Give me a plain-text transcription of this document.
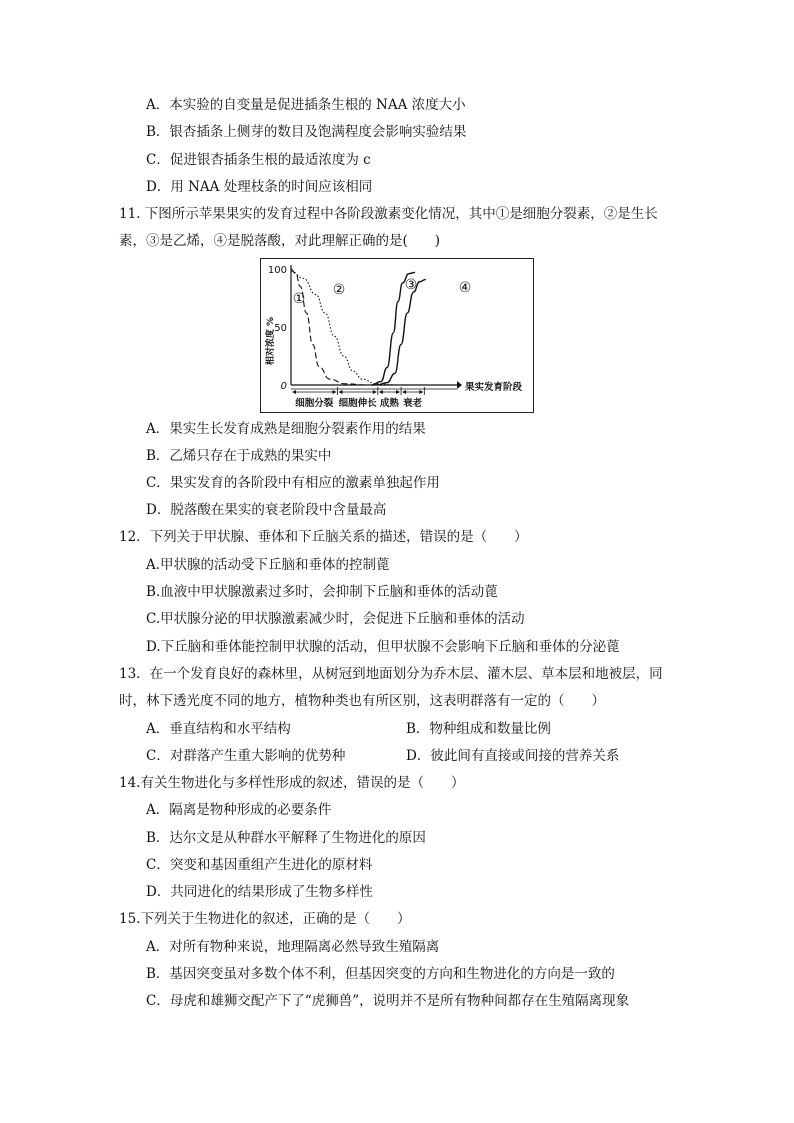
A．本实验的自变量是促进插条生根的 NAA 浓度大小
B．银杏插条上侧芽的数目及饱满程度会影响实验结果
C．促进银杏插条生根的最适浓度为 c
D．用 NAA 处理枝条的时间应该相同
11. 下图所示苹果果实的发育过程中各阶段激素变化情况，其中①是细胞分裂素，②是生长
素，③是乙烯，④是脱落酸，对此理解正确的是(　　)
100
50
0
相对浓度 %
果实发育阶段
细胞分裂 细胞伸长 成熟 衰老
①
②	③	④
A．果实生长发育成熟是细胞分裂素作用的结果
B．乙烯只存在于成熟的果实中
C．果实发育的各阶段中有相应的激素单独起作用
D．脱落酸在果实的衰老阶段中含量最高
12．下列关于甲状腺、垂体和下丘脑关系的描述，错误的是（　　）
A.甲状腺的活动受下丘脑和垂体的控制蓖
B.血液中甲状腺激素过多时，会抑制下丘脑和垂体的活动蓖
C.甲状腺分泌的甲状腺激素减少时，会促进下丘脑和垂体的活动
D.下丘脑和垂体能控制甲状腺的活动，但甲状腺不会影响下丘脑和垂体的分泌蓖
13．在一个发育良好的森林里，从树冠到地面划分为乔木层、灌木层、草本层和地被层，同
时，林下透光度不同的地方，植物种类也有所区别，这表明群落有一定的（　　）
A．垂直结构和水平结构	B．物种组成和数量比例
C．对群落产生重大影响的优势种	D．彼此间有直接或间接的营养关系
14.有关生物进化与多样性形成的叙述，错误的是（　　）
A．隔离是物种形成的必要条件
B．达尔文是从种群水平解释了生物进化的原因
C．突变和基因重组产生进化的原材料
D．共同进化的结果形成了生物多样性
15.下列关于生物进化的叙述，正确的是（　　）
A．对所有物种来说，地理隔离必然导致生殖隔离
B．基因突变虽对多数个体不利，但基因突变的方向和生物进化的方向是一致的
C．母虎和雄狮交配产下了“虎狮兽”，说明并不是所有物种间都存在生殖隔离现象
